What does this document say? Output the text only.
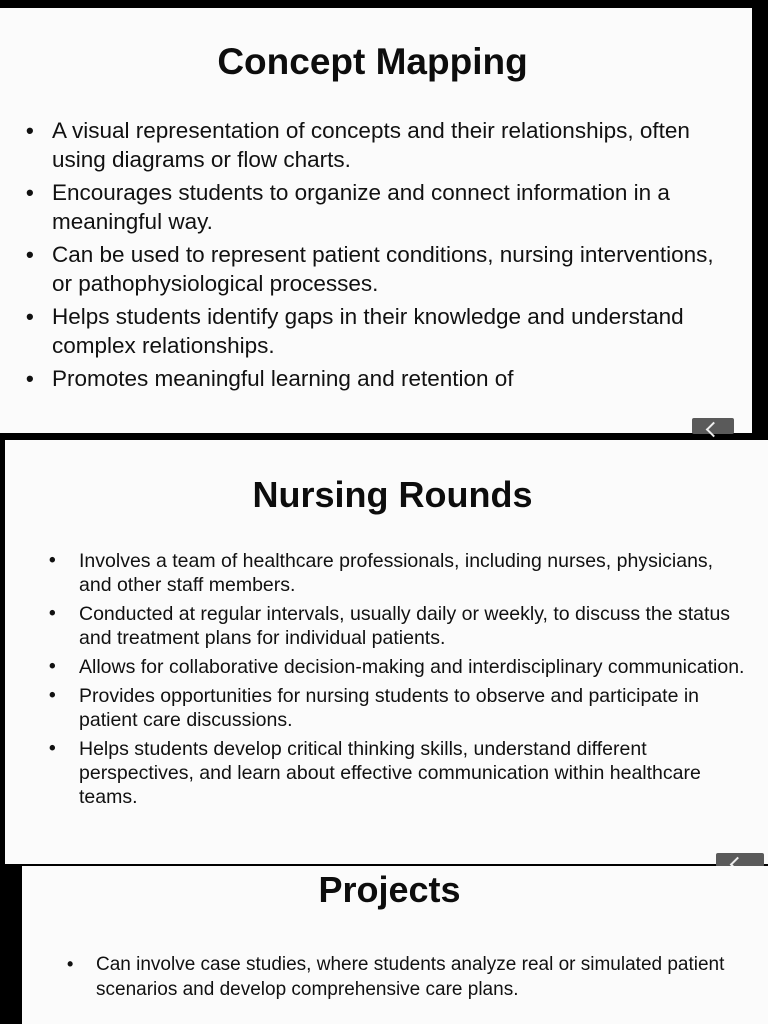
Concept Mapping
• A visual representation of concepts and their relationships, often using diagrams or flow charts.
• Encourages students to organize and connect information in a meaningful way.
• Can be used to represent patient conditions, nursing interventions, or pathophysiological processes.
• Helps students identify gaps in their knowledge and understand complex relationships.
• Promotes meaningful learning and retention of
Nursing Rounds
• Involves a team of healthcare professionals, including nurses, physicians, and other staff members.
• Conducted at regular intervals, usually daily or weekly, to discuss the status and treatment plans for individual patients.
• Allows for collaborative decision-making and interdisciplinary communication.
• Provides opportunities for nursing students to observe and participate in patient care discussions.
• Helps students develop critical thinking skills, understand different perspectives, and learn about effective communication within healthcare teams.
Projects
• Can involve case studies, where students analyze real or simulated patient scenarios and develop comprehensive care plans.
